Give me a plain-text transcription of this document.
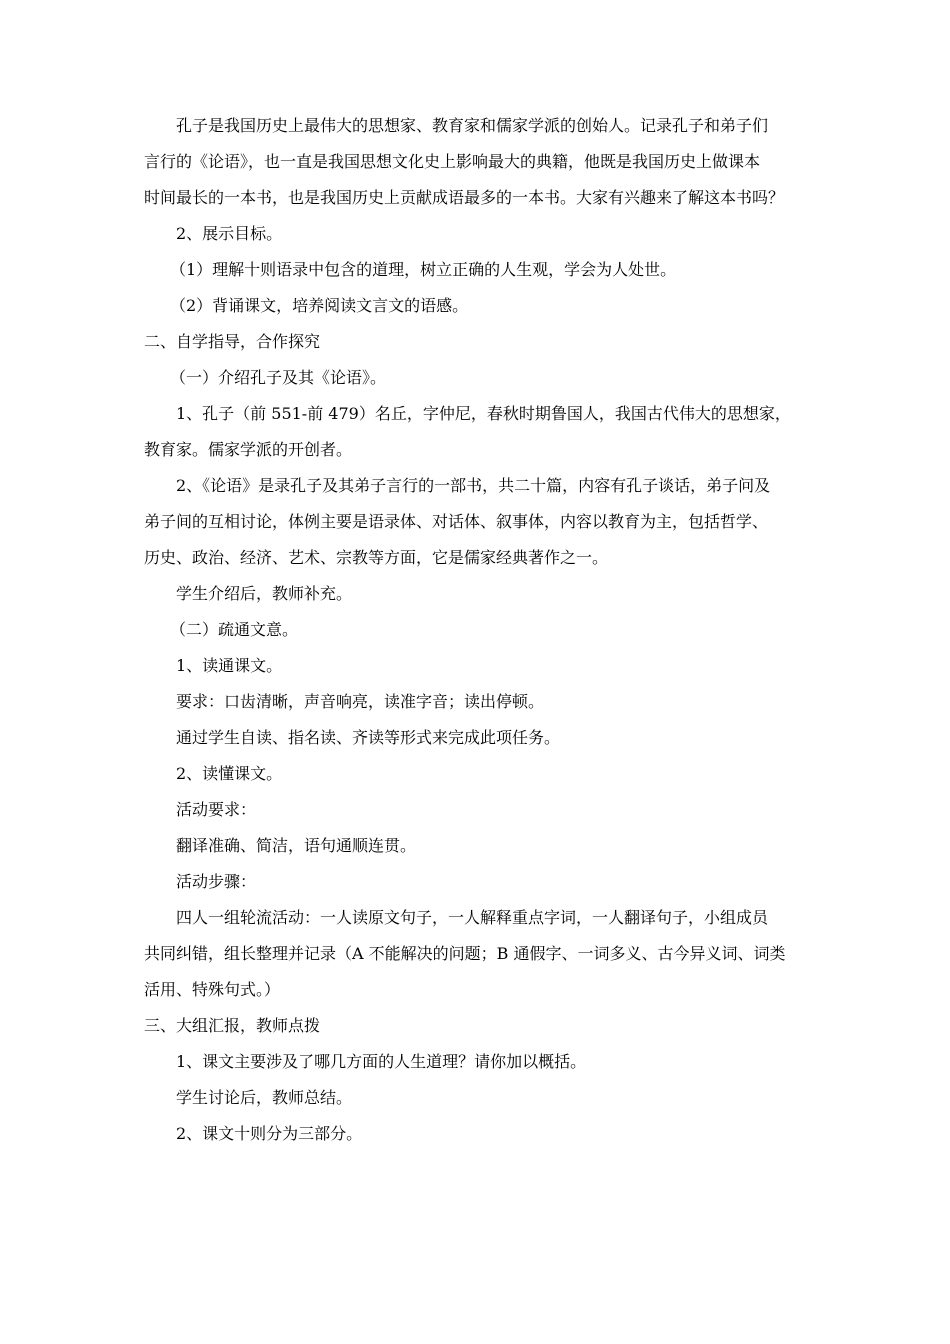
孔子是我国历史上最伟大的思想家、教育家和儒家学派的创始人。记录孔子和弟子们
言行的《论语》，也一直是我国思想文化史上影响最大的典籍，他既是我国历史上做课本
时间最长的一本书，也是我国历史上贡献成语最多的一本书。大家有兴趣来了解这本书吗？
2、展示目标。
（1）理解十则语录中包含的道理，树立正确的人生观，学会为人处世。
（2）背诵课文，培养阅读文言文的语感。
二、自学指导，合作探究
（一）介绍孔子及其《论语》。
1、孔子（前 551-前 479）名丘，字仲尼，春秋时期鲁国人，我国古代伟大的思想家，
教育家。儒家学派的开创者。
2、《论语》是录孔子及其弟子言行的一部书，共二十篇，内容有孔子谈话，弟子问及
弟子间的互相讨论，体例主要是语录体、对话体、叙事体，内容以教育为主，包括哲学、
历史、政治、经济、艺术、宗教等方面，它是儒家经典著作之一。
学生介绍后，教师补充。
（二）疏通文意。
1、读通课文。
要求：口齿清晰，声音响亮，读准字音；读出停顿。
通过学生自读、指名读、齐读等形式来完成此项任务。
2、读懂课文。
活动要求：
翻译准确、简洁，语句通顺连贯。
活动步骤：
四人一组轮流活动：一人读原文句子，一人解释重点字词，一人翻译句子，小组成员
共同纠错，组长整理并记录（A 不能解决的问题；B 通假字、一词多义、古今异义词、词类
活用、特殊句式。）
三、大组汇报，教师点拨
1、课文主要涉及了哪几方面的人生道理？请你加以概括。
学生讨论后，教师总结。
2、课文十则分为三部分。
